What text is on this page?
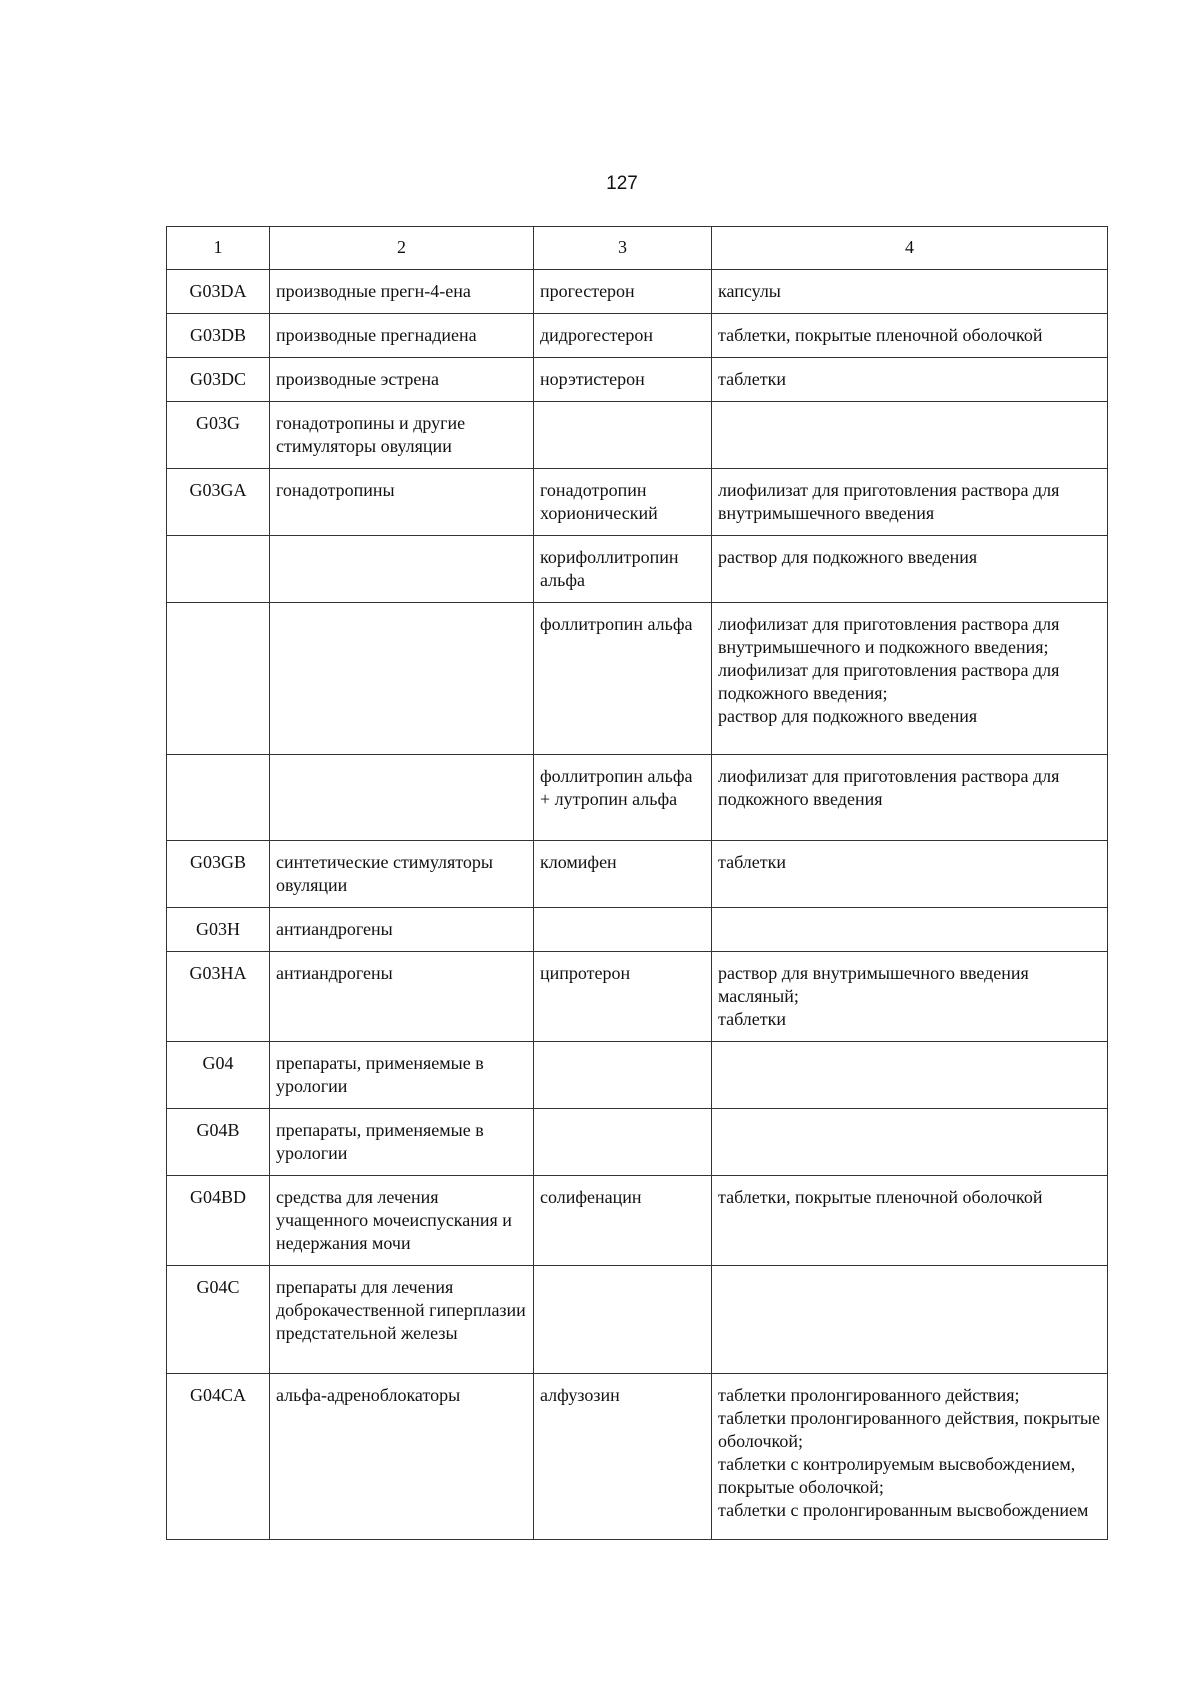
127
1	2	3	4
G03DA	производные прегн-4-ена	прогестерон	капсулы

G03DB	производные прегнадиена	дидрогестерон	таблетки, покрытые пленочной оболочкой

G03DC	производные эстрена	норэтистерон	таблетки

G03G	гонадотропины и другие стимуляторы овуляции		
G03GA	гонадотропины	гонадотропин хорионический	лиофилизат для приготовления раствора для внутримышечного введения

		корифоллитропин альфа	раствор для подкожного введения

		фоллитропин альфа	лиофилизат для приготовления раствора для внутримышечного и подкожного введения;
лиофилизат для приготовления раствора для подкожного введения;
раствор для подкожного введения

		фоллитропин альфа + лутропин альфа	лиофилизат для приготовления раствора для подкожного введения

G03GB	синтетические стимуляторы овуляции	кломифен	таблетки

G03H	антиандрогены		
G03HA	антиандрогены	ципротерон	раствор для внутримышечного введения масляный;
таблетки

G04	препараты, применяемые в урологии		
G04B	препараты, применяемые в урологии		
G04BD	средства для лечения учащенного мочеиспускания и недержания мочи	солифенацин	таблетки, покрытые пленочной оболочкой

G04C	препараты для лечения доброкачественной гиперплазии предстательной железы		
G04CA	альфа-адреноблокаторы	алфузозин	таблетки пролонгированного действия;
таблетки пролонгированного действия, покрытые оболочкой;
таблетки с контролируемым высвобождением, покрытые оболочкой;
таблетки с пролонгированным высвобождением
